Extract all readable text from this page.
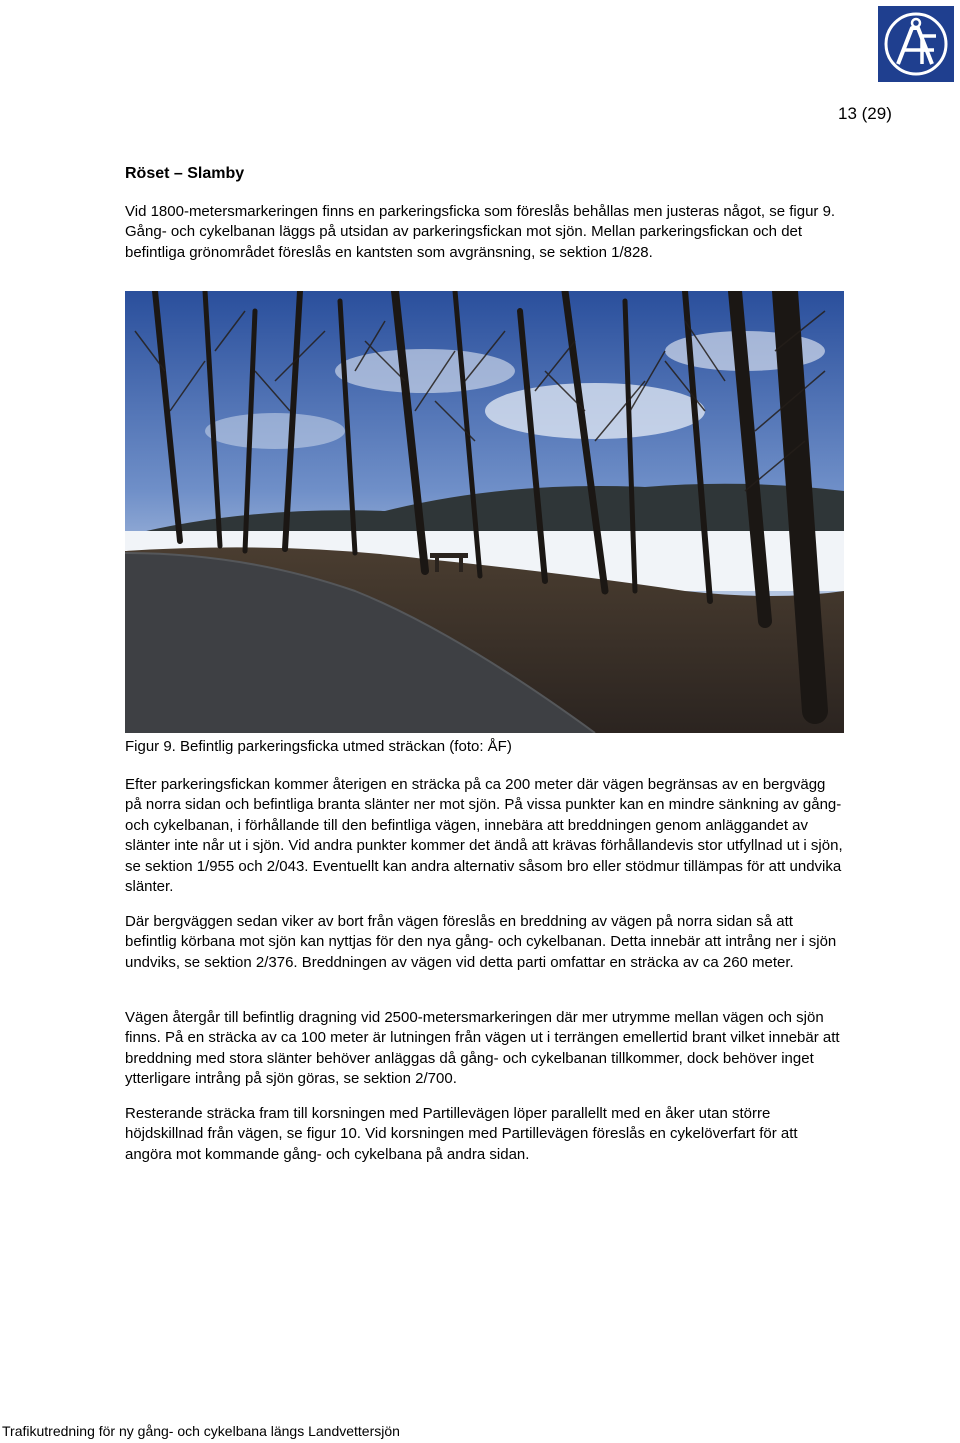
13 (29)
Röset – Slamby

Vid 1800-metersmarkeringen finns en parkeringsficka som föreslås behållas men justeras något, se figur 9. Gång- och cykelbanan läggs på utsidan av parkeringsfickan mot sjön. Mellan parkeringsfickan och det befintliga grönområdet föreslås en kantsten som avgränsning, se sektion 1/828.

Figur 9. Befintlig parkeringsficka utmed sträckan (foto: ÅF)

Efter parkeringsfickan kommer återigen en sträcka på ca 200 meter där vägen begränsas av en bergvägg på norra sidan och befintliga branta slänter ner mot sjön. På vissa punkter kan en mindre sänkning av gång- och cykelbanan, i förhållande till den befintliga vägen, innebära att breddningen genom anläggandet av slänter inte når ut i sjön. Vid andra punkter kommer det ändå att krävas förhållandevis stor utfyllnad ut i sjön, se sektion 1/955 och 2/043. Eventuellt kan andra alternativ såsom bro eller stödmur tillämpas för att undvika slänter.

Där bergväggen sedan viker av bort från vägen föreslås en breddning av vägen på norra sidan så att befintlig körbana mot sjön kan nyttjas för den nya gång- och cykelbanan. Detta innebär att intrång ner i sjön undviks, se sektion 2/376. Breddningen av vägen vid detta parti omfattar en sträcka av ca 260 meter.

Vägen återgår till befintlig dragning vid 2500-metersmarkeringen där mer utrymme mellan vägen och sjön finns. På en sträcka av ca 100 meter är lutningen från vägen ut i terrängen emellertid brant vilket innebär att breddning med stora slänter behöver anläggas då gång- och cykelbanan tillkommer, dock behöver inget ytterligare intrång på sjön göras, se sektion 2/700.

Resterande sträcka fram till korsningen med Partillevägen löper parallellt med en åker utan större höjdskillnad från vägen, se figur 10. Vid korsningen med Partillevägen föreslås en cykelöverfart för att angöra mot kommande gång- och cykelbana på andra sidan.

Trafikutredning för ny gång- och cykelbana längs Landvettersjön
